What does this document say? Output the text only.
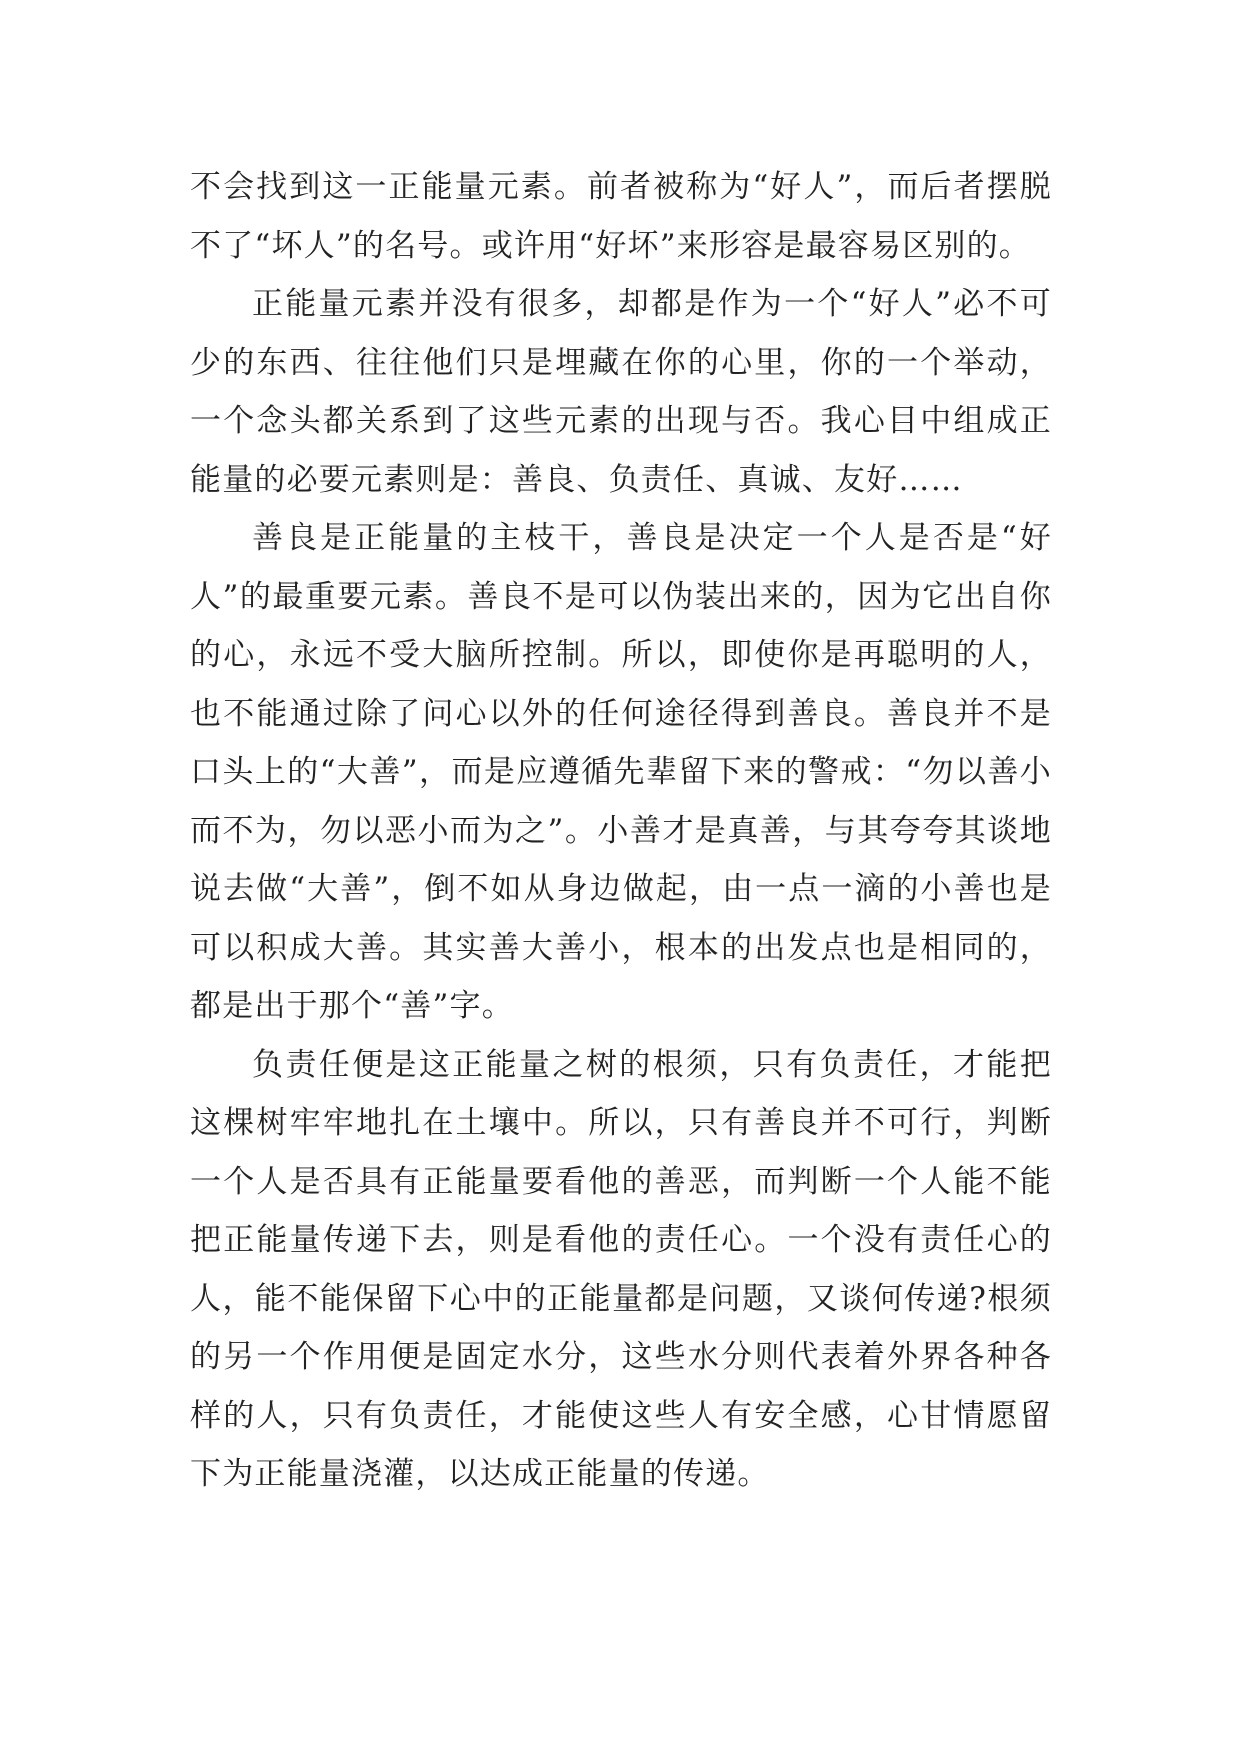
不会找到这一正能量元素。前者被称为“好人”，而后者摆脱不了“坏人”的名号。或许用“好坏”来形容是最容易区别的。

正能量元素并没有很多，却都是作为一个“好人”必不可少的东西、往往他们只是埋藏在你的心里，你的一个举动，一个念头都关系到了这些元素的出现与否。我心目中组成正能量的必要元素则是：善良、负责任、真诚、友好……

善良是正能量的主枝干，善良是决定一个人是否是“好人”的最重要元素。善良不是可以伪装出来的，因为它出自你的心，永远不受大脑所控制。所以，即使你是再聪明的人，也不能通过除了问心以外的任何途径得到善良。善良并不是口头上的“大善”，而是应遵循先辈留下来的警戒：“勿以善小而不为，勿以恶小而为之”。小善才是真善，与其夸夸其谈地说去做“大善”，倒不如从身边做起，由一点一滴的小善也是可以积成大善。其实善大善小，根本的出发点也是相同的，都是出于那个“善”字。

负责任便是这正能量之树的根须，只有负责任，才能把这棵树牢牢地扎在土壤中。所以，只有善良并不可行，判断一个人是否具有正能量要看他的善恶，而判断一个人能不能把正能量传递下去，则是看他的责任心。一个没有责任心的人，能不能保留下心中的正能量都是问题，又谈何传递?根须的另一个作用便是固定水分，这些水分则代表着外界各种各样的人，只有负责任，才能使这些人有安全感，心甘情愿留下为正能量浇灌，以达成正能量的传递。
